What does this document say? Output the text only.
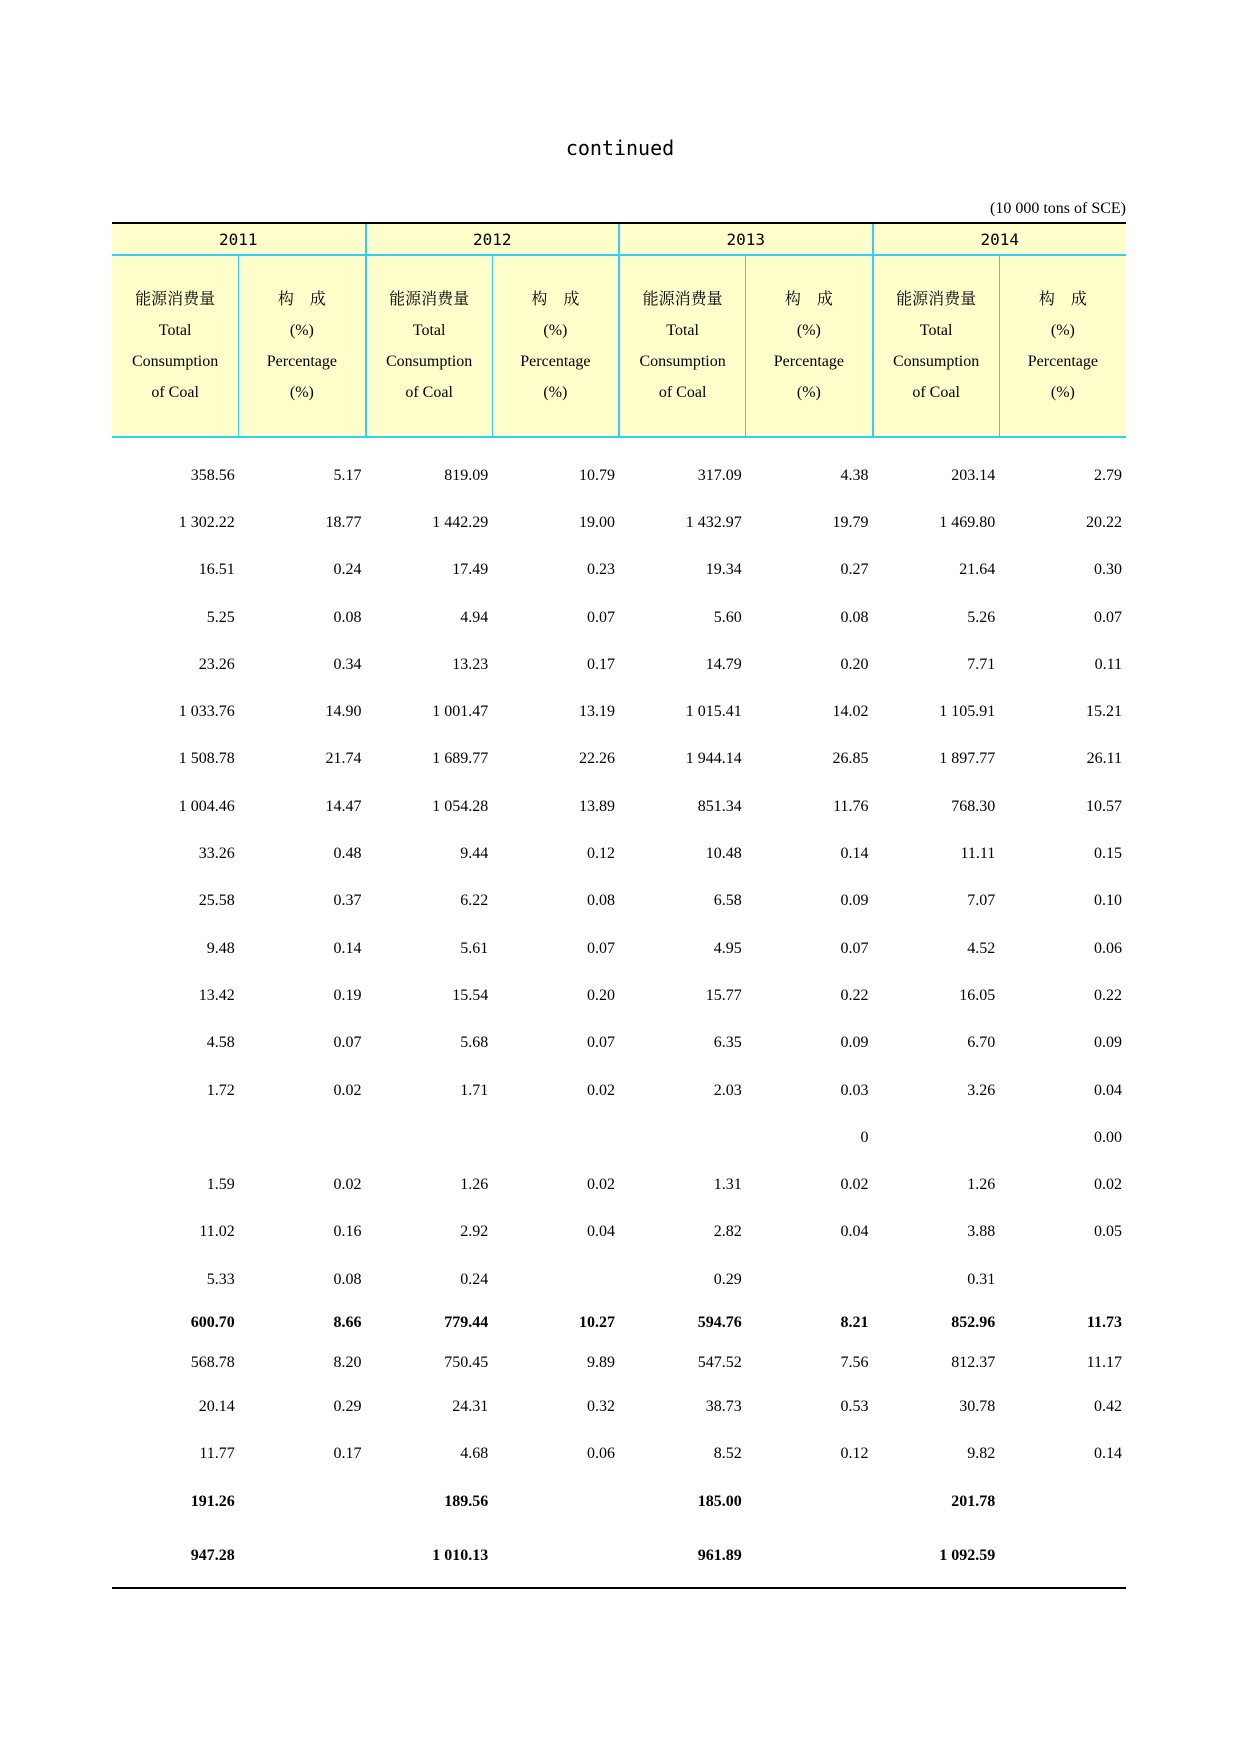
continued
(10 000 tons of SCE)
2011		2012		2013		2014	

能源消费量
Total
Consumption
of Coal	构　成
(%)
Percentage
(%)	能源消费量
Total
Consumption
of Coal	构　成
(%)
Percentage
(%)	能源消费量
Total
Consumption
of Coal	构　成
(%)
Percentage
(%)	能源消费量
Total
Consumption
of Coal	构　成
(%)
Percentage
(%)

358.56	5.17	819.09	10.79	317.09	4.38	203.14	2.79
1 302.22	18.77	1 442.29	19.00	1 432.97	19.79	1 469.80	20.22
16.51	0.24	17.49	0.23	19.34	0.27	21.64	0.30
5.25	0.08	4.94	0.07	5.60	0.08	5.26	0.07
23.26	0.34	13.23	0.17	14.79	0.20	7.71	0.11
1 033.76	14.90	1 001.47	13.19	1 015.41	14.02	1 105.91	15.21
1 508.78	21.74	1 689.77	22.26	1 944.14	26.85	1 897.77	26.11
1 004.46	14.47	1 054.28	13.89	851.34	11.76	768.30	10.57
33.26	0.48	9.44	0.12	10.48	0.14	11.11	0.15
25.58	0.37	6.22	0.08	6.58	0.09	7.07	0.10
9.48	0.14	5.61	0.07	4.95	0.07	4.52	0.06
13.42	0.19	15.54	0.20	15.77	0.22	16.05	0.22
4.58	0.07	5.68	0.07	6.35	0.09	6.70	0.09
1.72	0.02	1.71	0.02	2.03	0.03	3.26	0.04
					0		0.00
1.59	0.02	1.26	0.02	1.31	0.02	1.26	0.02
11.02	0.16	2.92	0.04	2.82	0.04	3.88	0.05
5.33	0.08	0.24		0.29		0.31	
600.70	8.66	779.44	10.27	594.76	8.21	852.96	11.73
568.78	8.20	750.45	9.89	547.52	7.56	812.37	11.17
20.14	0.29	24.31	0.32	38.73	0.53	30.78	0.42
11.77	0.17	4.68	0.06	8.52	0.12	9.82	0.14
191.26		189.56		185.00		201.78	
947.28		1 010.13		961.89		1 092.59	
